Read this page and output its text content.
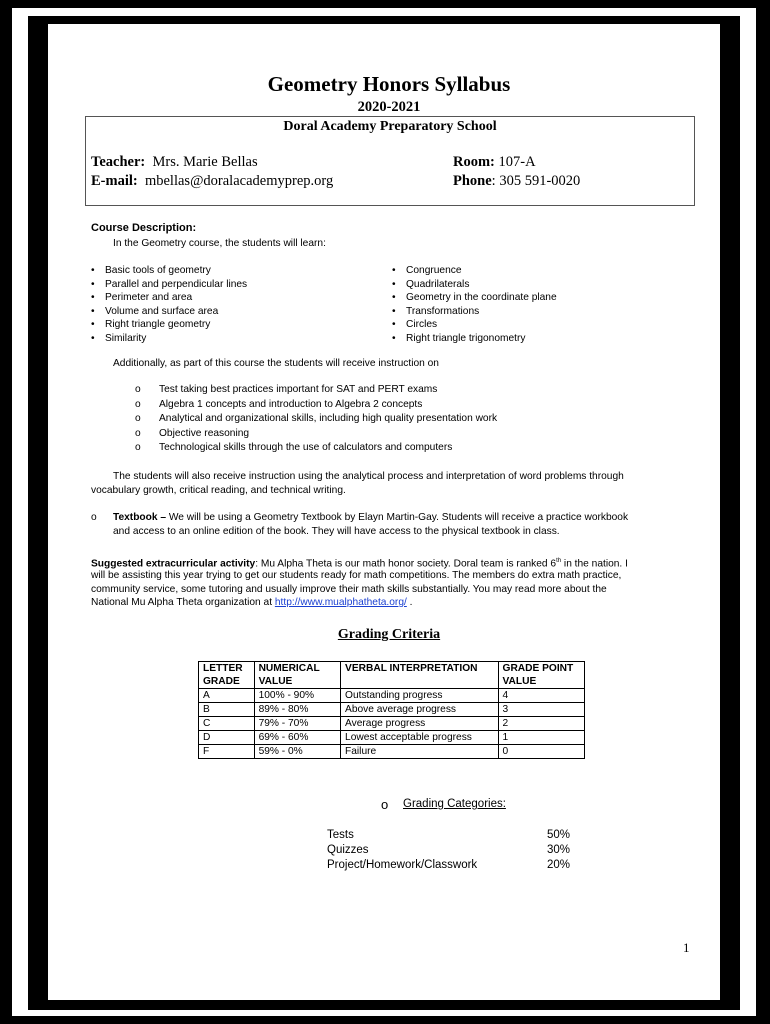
Geometry Honors Syllabus
2020-2021
Doral Academy Preparatory School
Teacher: Mrs. Marie Bellas
E-mail: mbellas@doralacademyprep.org
Room: 107-A
Phone: 305 591-0020
Course Description:
In the Geometry course, the students will learn:
• Basic tools of geometry
• Parallel and perpendicular lines
• Perimeter and area
• Volume and surface area
• Right triangle geometry
• Similarity
• Congruence
• Quadrilaterals
• Geometry in the coordinate plane
• Transformations
• Circles
• Right triangle trigonometry
Additionally, as part of this course the students will receive instruction on
o Test taking best practices important for SAT and PERT exams
o Algebra 1 concepts and introduction to Algebra 2 concepts
o Analytical and organizational skills, including high quality presentation work
o Objective reasoning
o Technological skills through the use of calculators and computers
The students will also receive instruction using the analytical process and interpretation of word problems through
vocabulary growth, critical reading, and technical writing.
o Textbook – We will be using a Geometry Textbook by Elayn Martin-Gay. Students will receive a practice workbook
and access to an online edition of the book. They will have access to the physical textbook in class.
Suggested extracurricular activity: Mu Alpha Theta is our math honor society. Doral team is ranked 6th in the nation. I
will be assisting this year trying to get our students ready for math competitions. The members do extra math practice,
community service, some tutoring and usually improve their math skills substantially. You may read more about the
National Mu Alpha Theta organization at http://www.mualphatheta.org/ .
Grading Criteria
LETTER GRADE	NUMERICAL VALUE	VERBAL INTERPRETATION	GRADE POINT VALUE
A	100% - 90%	Outstanding progress	4
B	89% - 80%	Above average progress	3
C	79% - 70%	Average progress	2
D	69% - 60%	Lowest acceptable progress	1
F	59% - 0%	Failure	0
o Grading Categories:
Tests	50%
Quizzes	30%
Project/Homework/Classwork	20%
1
